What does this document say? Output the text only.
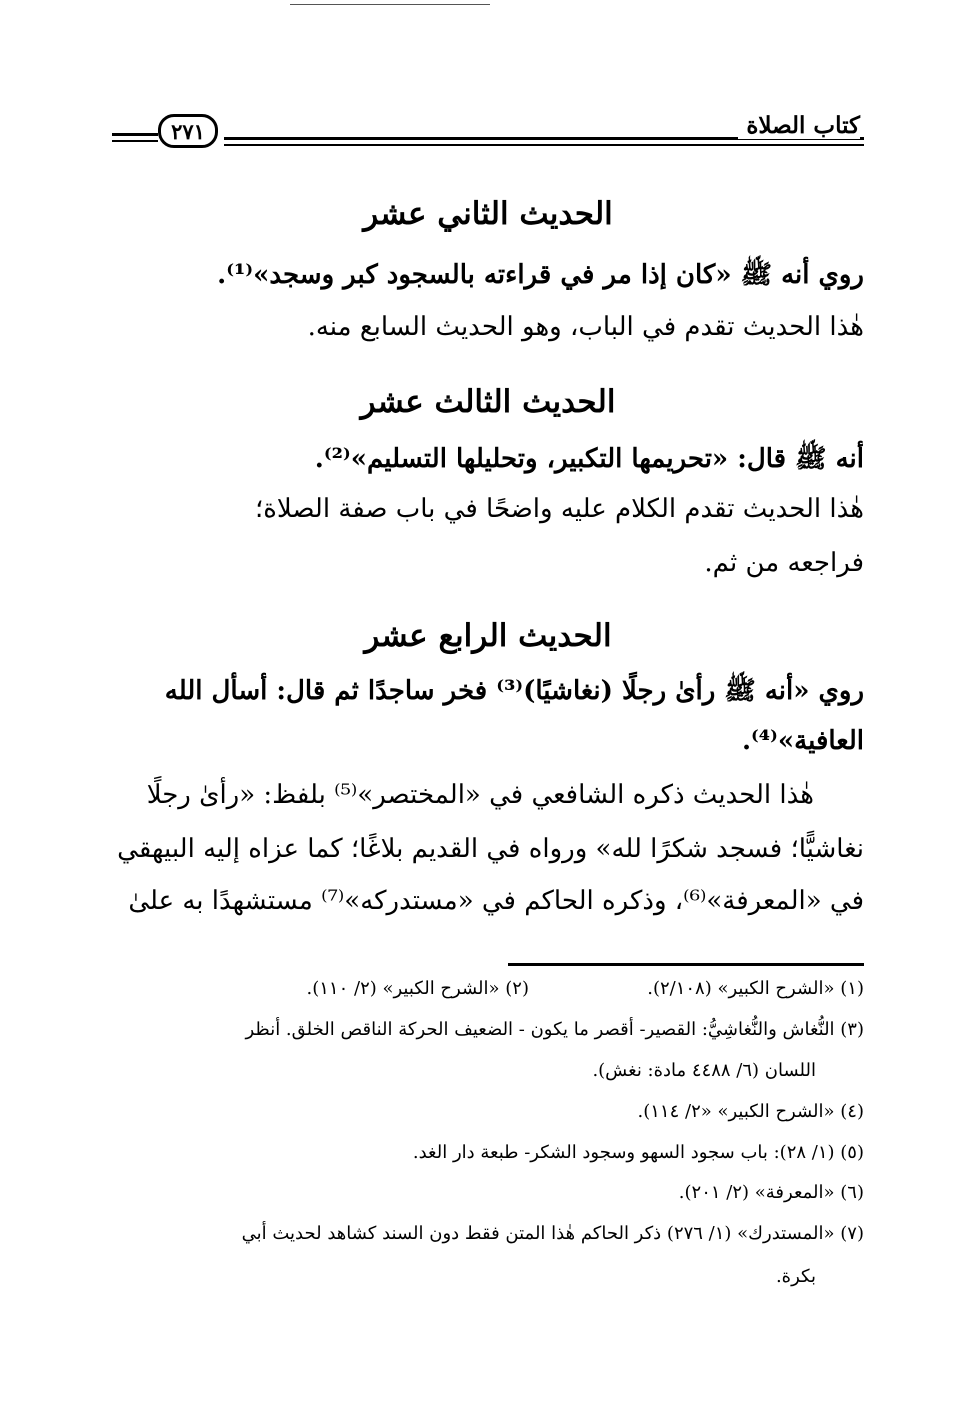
٢٧١	كتاب الصلاة
الحديث الثاني عشر
روي أنه ﷺ «كان إذا مر في قراءته بالسجود كبر وسجد»⁽¹⁾.
هٰذا الحديث تقدم في الباب، وهو الحديث السابع منه.
الحديث الثالث عشر
أنه ﷺ قال: «تحريمها التكبير، وتحليلها التسليم»⁽²⁾.
هٰذا الحديث تقدم الكلام عليه واضحًا في باب صفة الصلاة؛
فراجعه من ثم.
الحديث الرابع عشر
روي «أنه ﷺ رأىٰ رجلًا (نغاشيًا)⁽³⁾ فخر ساجدًا ثم قال: أسأل الله
العافية»⁽⁴⁾.
هٰذا الحديث ذكره الشافعي في «المختصر»⁽⁵⁾ بلفظ: «رأىٰ رجلًا
نغاشيًّا؛ فسجد شكرًا لله» ورواه في القديم بلاغًا؛ كما عزاه إليه البيهقي
في «المعرفة»⁽⁶⁾، وذكره الحاكم في «مستدركه»⁽⁷⁾ مستشهدًا به علىٰ
(١) «الشرح الكبير» (٢/١٠٨).
(٢) «الشرح الكبير» (٢/ ١١٠).
(٣) النُّغاش والنُّغاشِيُّ: القصير- أقصر ما يكون - الضعيف الحركة الناقص الخلق. أنظر
اللسان (٦/ ٤٤٨٨ مادة: نغش).
(٤) «الشرح الكبير» «٢/ ١١٤).
(٥) (١/ ٢٨): باب سجود السهو وسجود الشكر- طبعة دار الغد.
(٦) «المعرفة» (٢/ ٢٠١).
(٧) «المستدرك» (١/ ٢٧٦) ذكر الحاكم هٰذا المتن فقط دون السند كشاهد لحديث أبي
بكرة.
